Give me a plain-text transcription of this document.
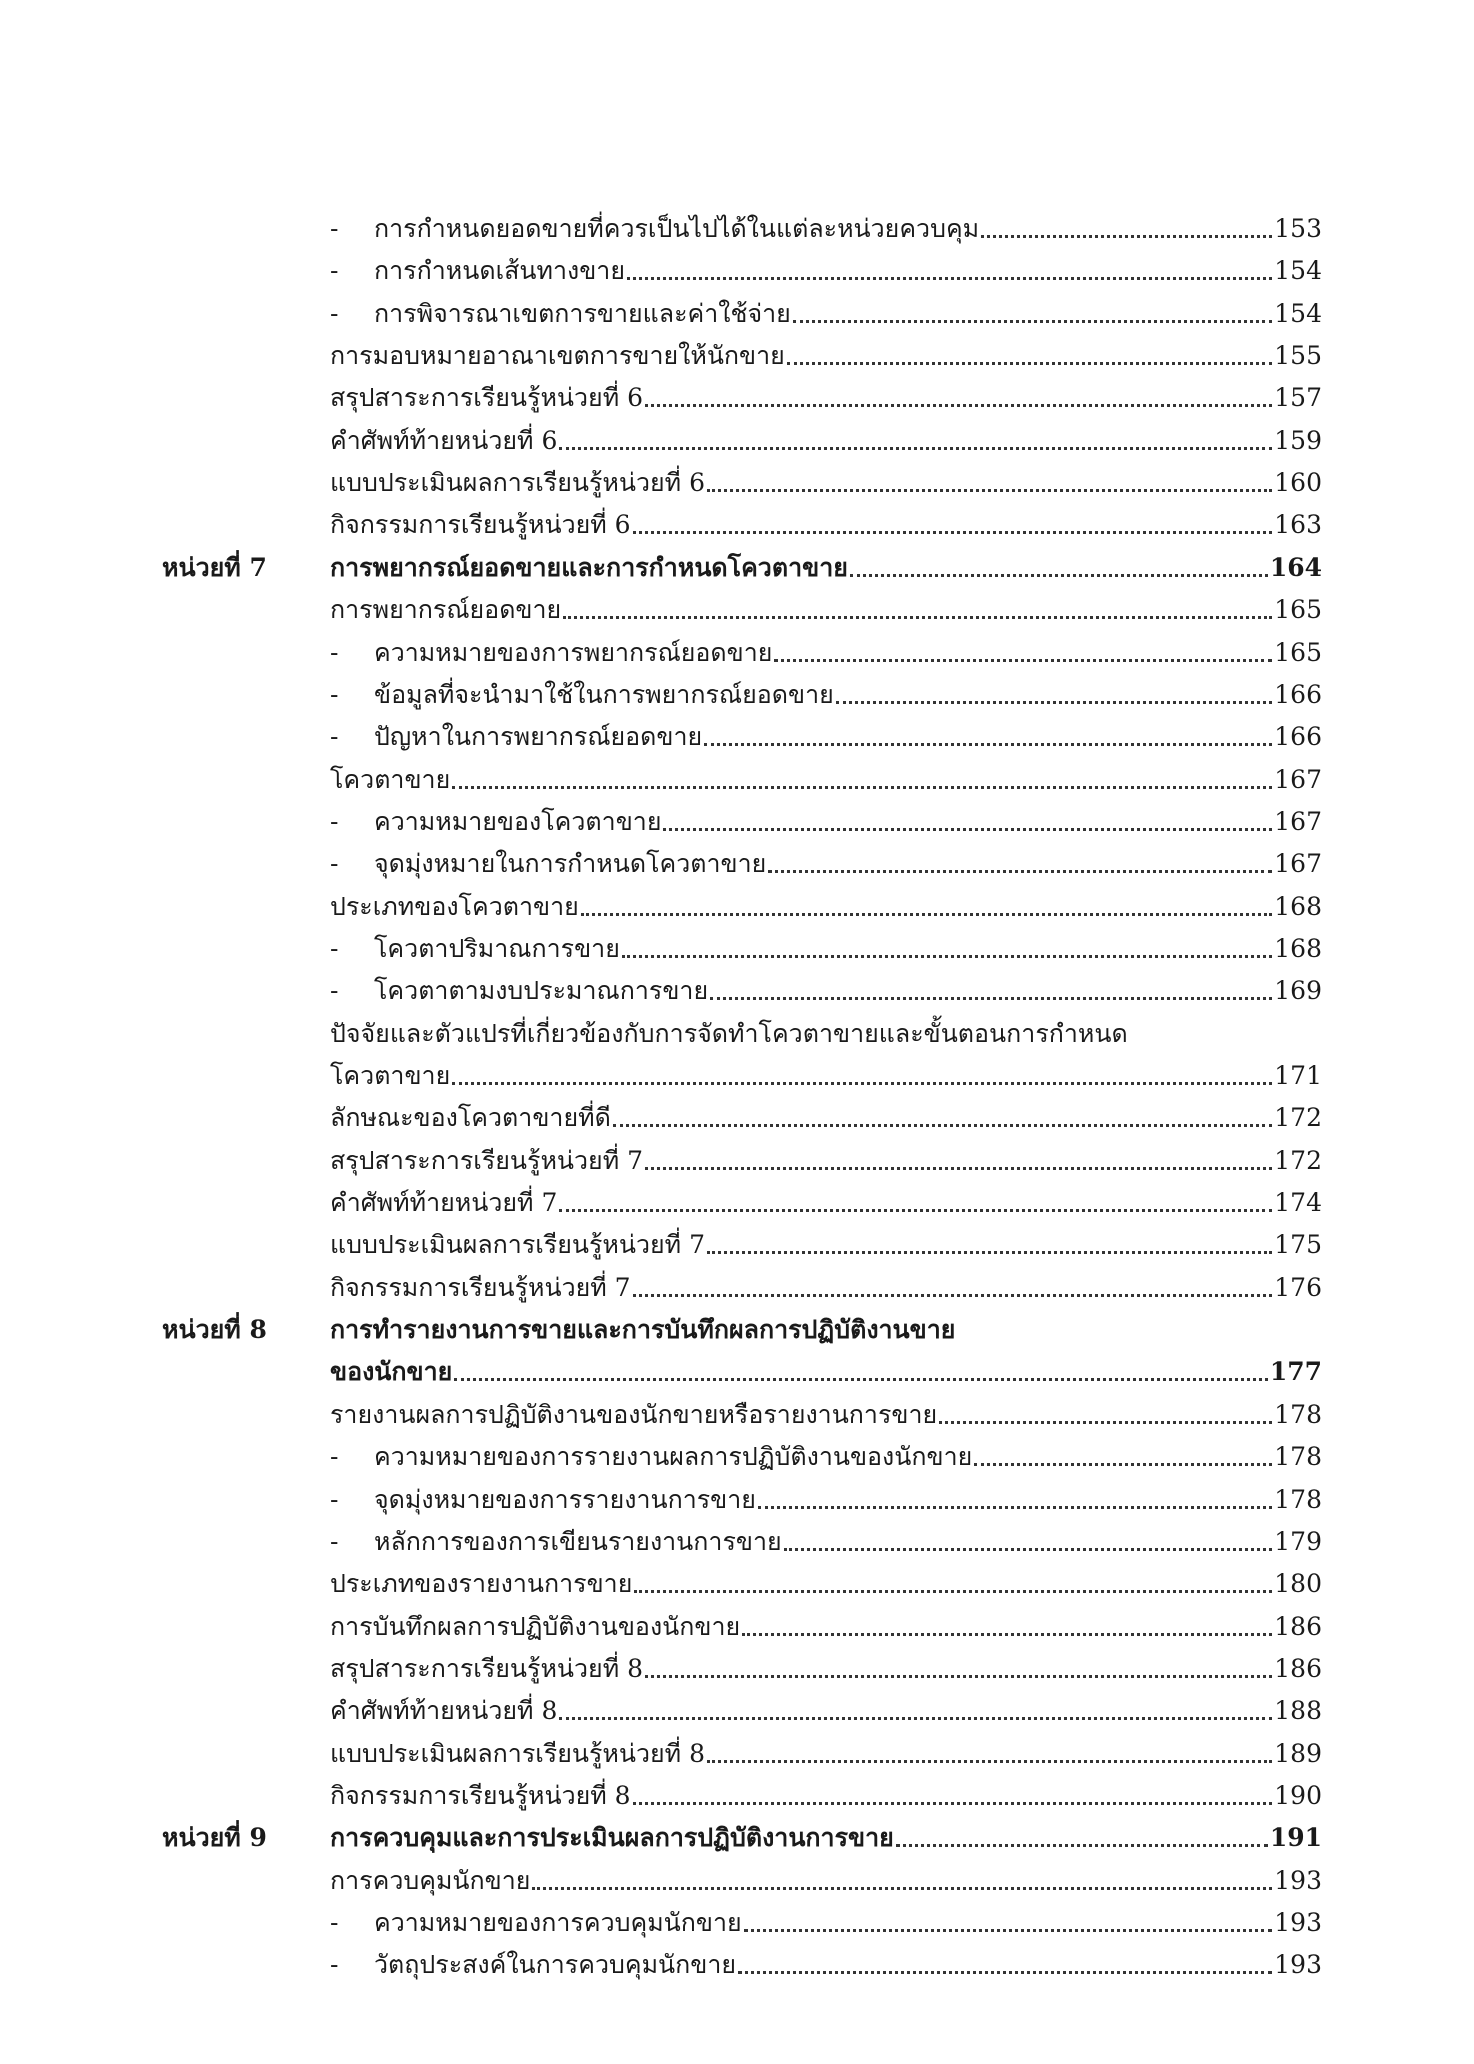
-	การกำหนดยอดขายที่ควรเป็นไปได้ในแต่ละหน่วยควบคุม	153
-	การกำหนดเส้นทางขาย	154
-	การพิจารณาเขตการขายและค่าใช้จ่าย	154
การมอบหมายอาณาเขตการขายให้นักขาย	155
สรุปสาระการเรียนรู้หน่วยที่ 6	157
คำศัพท์ท้ายหน่วยที่ 6	159
แบบประเมินผลการเรียนรู้หน่วยที่ 6	160
กิจกรรมการเรียนรู้หน่วยที่ 6	163
หน่วยที่ 7	การพยากรณ์ยอดขายและการกำหนดโควตาขาย	164
การพยากรณ์ยอดขาย	165
-	ความหมายของการพยากรณ์ยอดขาย	165
-	ข้อมูลที่จะนำมาใช้ในการพยากรณ์ยอดขาย	166
-	ปัญหาในการพยากรณ์ยอดขาย	166
โควตาขาย	167
-	ความหมายของโควตาขาย	167
-	จุดมุ่งหมายในการกำหนดโควตาขาย	167
ประเภทของโควตาขาย	168
-	โควตาปริมาณการขาย	168
-	โควตาตามงบประมาณการขาย	169
ปัจจัยและตัวแปรที่เกี่ยวข้องกับการจัดทำโควตาขายและขั้นตอนการกำหนด
โควตาขาย	171
ลักษณะของโควตาขายที่ดี	172
สรุปสาระการเรียนรู้หน่วยที่ 7	172
คำศัพท์ท้ายหน่วยที่ 7	174
แบบประเมินผลการเรียนรู้หน่วยที่ 7	175
กิจกรรมการเรียนรู้หน่วยที่ 7	176
หน่วยที่ 8	การทำรายงานการขายและการบันทึกผลการปฏิบัติงานขาย
ของนักขาย	177
รายงานผลการปฏิบัติงานของนักขายหรือรายงานการขาย	178
-	ความหมายของการรายงานผลการปฏิบัติงานของนักขาย	178
-	จุดมุ่งหมายของการรายงานการขาย	178
-	หลักการของการเขียนรายงานการขาย	179
ประเภทของรายงานการขาย	180
การบันทึกผลการปฏิบัติงานของนักขาย	186
สรุปสาระการเรียนรู้หน่วยที่ 8	186
คำศัพท์ท้ายหน่วยที่ 8	188
แบบประเมินผลการเรียนรู้หน่วยที่ 8	189
กิจกรรมการเรียนรู้หน่วยที่ 8	190
หน่วยที่ 9	การควบคุมและการประเมินผลการปฏิบัติงานการขาย	191
การควบคุมนักขาย	193
-	ความหมายของการควบคุมนักขาย	193
-	วัตถุประสงค์ในการควบคุมนักขาย	193
